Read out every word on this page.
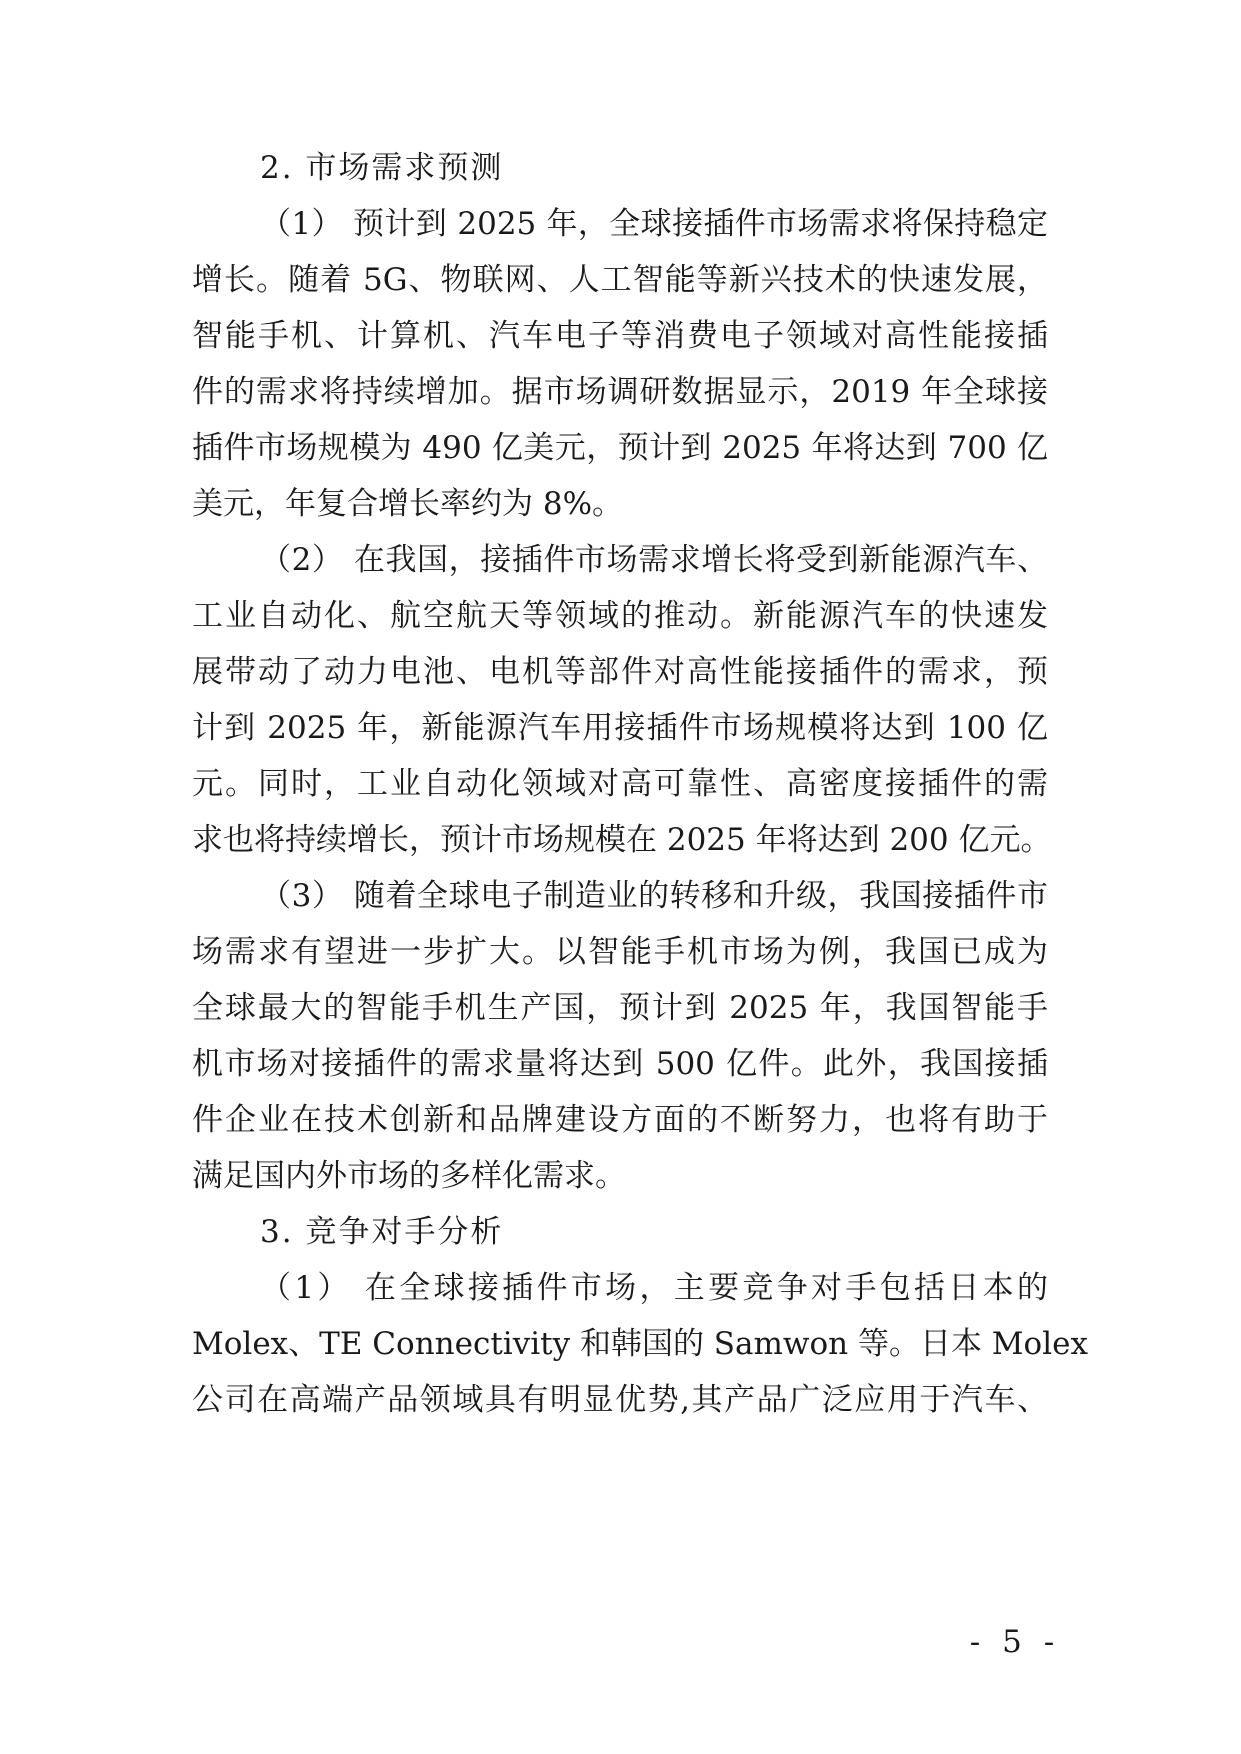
2. 市场需求预测
（1） 预计到 2025 年，全球接插件市场需求将保持稳定
增长。随着 5G、物联网、人工智能等新兴技术的快速发展，
智能手机、计算机、汽车电子等消费电子领域对高性能接插
件的需求将持续增加。据市场调研数据显示，2019 年全球接
插件市场规模为 490 亿美元，预计到 2025 年将达到 700 亿
美元，年复合增长率约为 8%。
（2） 在我国，接插件市场需求增长将受到新能源汽车、
工业自动化、航空航天等领域的推动。新能源汽车的快速发
展带动了动力电池、电机等部件对高性能接插件的需求，预
计到 2025 年，新能源汽车用接插件市场规模将达到 100 亿
元。同时，工业自动化领域对高可靠性、高密度接插件的需
求也将持续增长，预计市场规模在 2025 年将达到 200 亿元。
（3） 随着全球电子制造业的转移和升级，我国接插件市
场需求有望进一步扩大。以智能手机市场为例，我国已成为
全球最大的智能手机生产国，预计到 2025 年，我国智能手
机市场对接插件的需求量将达到 500 亿件。此外，我国接插
件企业在技术创新和品牌建设方面的不断努力，也将有助于
满足国内外市场的多样化需求。
3. 竞争对手分析
（1） 在全球接插件市场，主要竞争对手包括日本的
Molex、TE Connectivity 和韩国的 Samwon 等。日本 Molex
公司在高端产品领域具有明显优势,其产品广泛应用于汽车、
- 5 -
